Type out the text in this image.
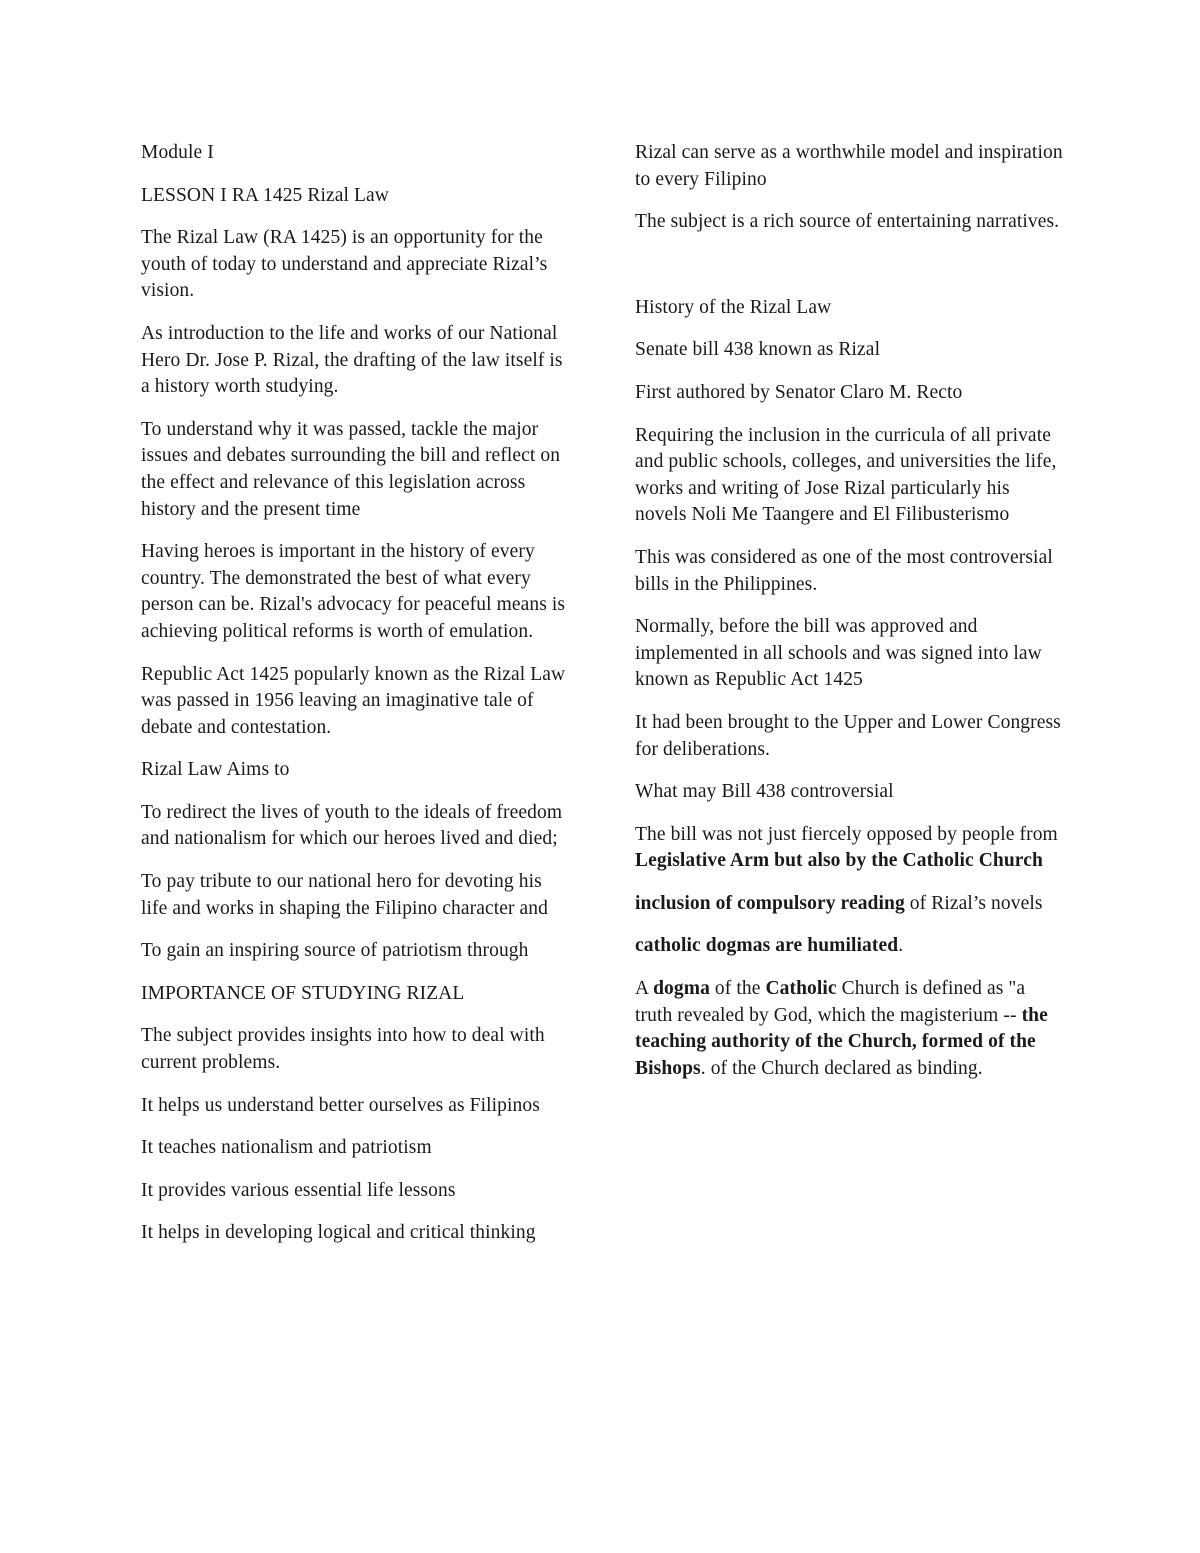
Module I

LESSON I RA 1425 Rizal Law

The Rizal Law (RA 1425) is an opportunity for the youth of today to understand and appreciate Rizal’s vision.

As introduction to the life and works of our National Hero Dr. Jose P. Rizal, the drafting of the law itself is a history worth studying.

To understand why it was passed, tackle the major issues and debates surrounding the bill and reflect on the effect and relevance of this legislation across history and the present time

Having heroes is important in the history of every country. The demonstrated the best of what every person can be. Rizal's advocacy for peaceful means is achieving political reforms is worth of emulation.

Republic Act 1425 popularly known as the Rizal Law was passed in 1956 leaving an imaginative tale of debate and contestation.

Rizal Law Aims to

To redirect the lives of youth to the ideals of freedom and nationalism for which our heroes lived and died;

To pay tribute to our national hero for devoting his life and works in shaping the Filipino character and

To gain an inspiring source of patriotism through

IMPORTANCE OF STUDYING RIZAL

The subject provides insights into how to deal with current problems.

It helps us understand better ourselves as Filipinos

It teaches nationalism and patriotism

It provides various essential life lessons

It helps in developing logical and critical thinking

Rizal can serve as a worthwhile model and inspiration to every Filipino

The subject is a rich source of entertaining narratives.

History of the Rizal Law

Senate bill 438 known as Rizal

First authored by Senator Claro M. Recto

Requiring the inclusion in the curricula of all private and public schools, colleges, and universities the life, works and writing of Jose Rizal particularly his novels Noli Me Taangere and El Filibusterismo

This was considered as one of the most controversial bills in the Philippines.

Normally, before the bill was approved and implemented in all schools and was signed into law known as Republic Act 1425

It had been brought to the Upper and Lower Congress for deliberations.

What may Bill 438 controversial

The bill was not just fiercely opposed by people from Legislative Arm but also by the Catholic Church

inclusion of compulsory reading of Rizal’s novels

catholic dogmas are humiliated.

A dogma of the Catholic Church is defined as "a truth revealed by God, which the magisterium -- the teaching authority of the Church, formed of the Bishops. of the Church declared as binding.
